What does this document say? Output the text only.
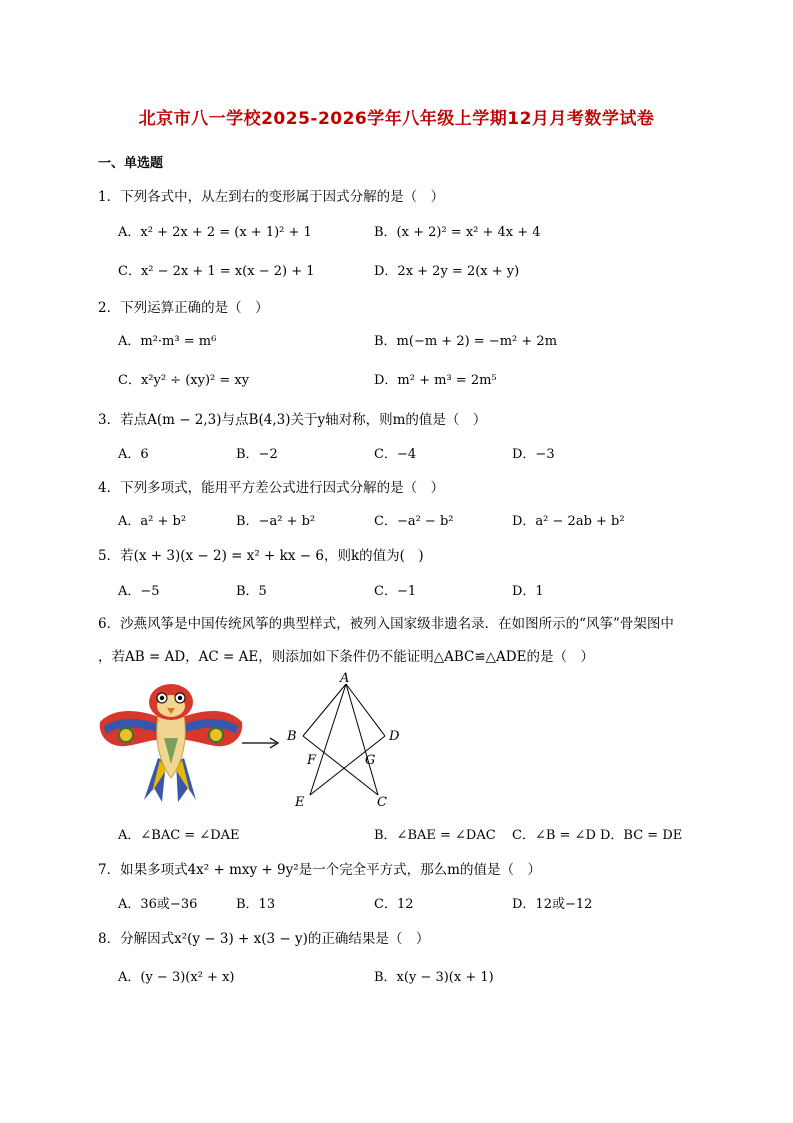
北京市八一学校2025-2026学年八年级上学期12月月考数学试卷
一、单选题
1．下列各式中，从左到右的变形属于因式分解的是（　）
A．x² + 2x + 2 = (x + 1)² + 1	B．(x + 2)² = x² + 4x + 4
C．x² − 2x + 1 = x(x − 2) + 1	D．2x + 2y = 2(x + y)
2．下列运算正确的是（　）
A．m²·m³ = m⁶	B．m(−m + 2) = −m² + 2m
C．x²y² ÷ (xy)² = xy	D．m² + m³ = 2m⁵
3．若点A(m − 2,3)与点B(4,3)关于y轴对称，则m的值是（　）
A．6	B．−2	C．−4	D．−3
4．下列多项式，能用平方差公式进行因式分解的是（　）
A．a² + b²	B．−a² + b²	C．−a² − b²	D．a² − 2ab + b²
5．若(x + 3)(x − 2) = x² + kx − 6，则k的值为(　)
A．−5	B．5	C．−1	D．1
6．沙燕风筝是中国传统风筝的典型样式，被列入国家级非遗名录．在如图所示的“风筝”骨架图中
，若AB = AD，AC = AE，则添加如下条件仍不能证明△ABC≌△ADE的是（　）
A
B	D
F	G
E	C
A．∠BAC = ∠DAE	B．∠BAE = ∠DAC C．∠B = ∠D D．BC = DE
7．如果多项式4x² + mxy + 9y²是一个完全平方式，那么m的值是（　）
A．36或−36	B．13	C．12	D．12或−12
8．分解因式x²(y − 3) + x(3 − y)的正确结果是（　）
A．(y − 3)(x² + x)	B．x(y − 3)(x + 1)
